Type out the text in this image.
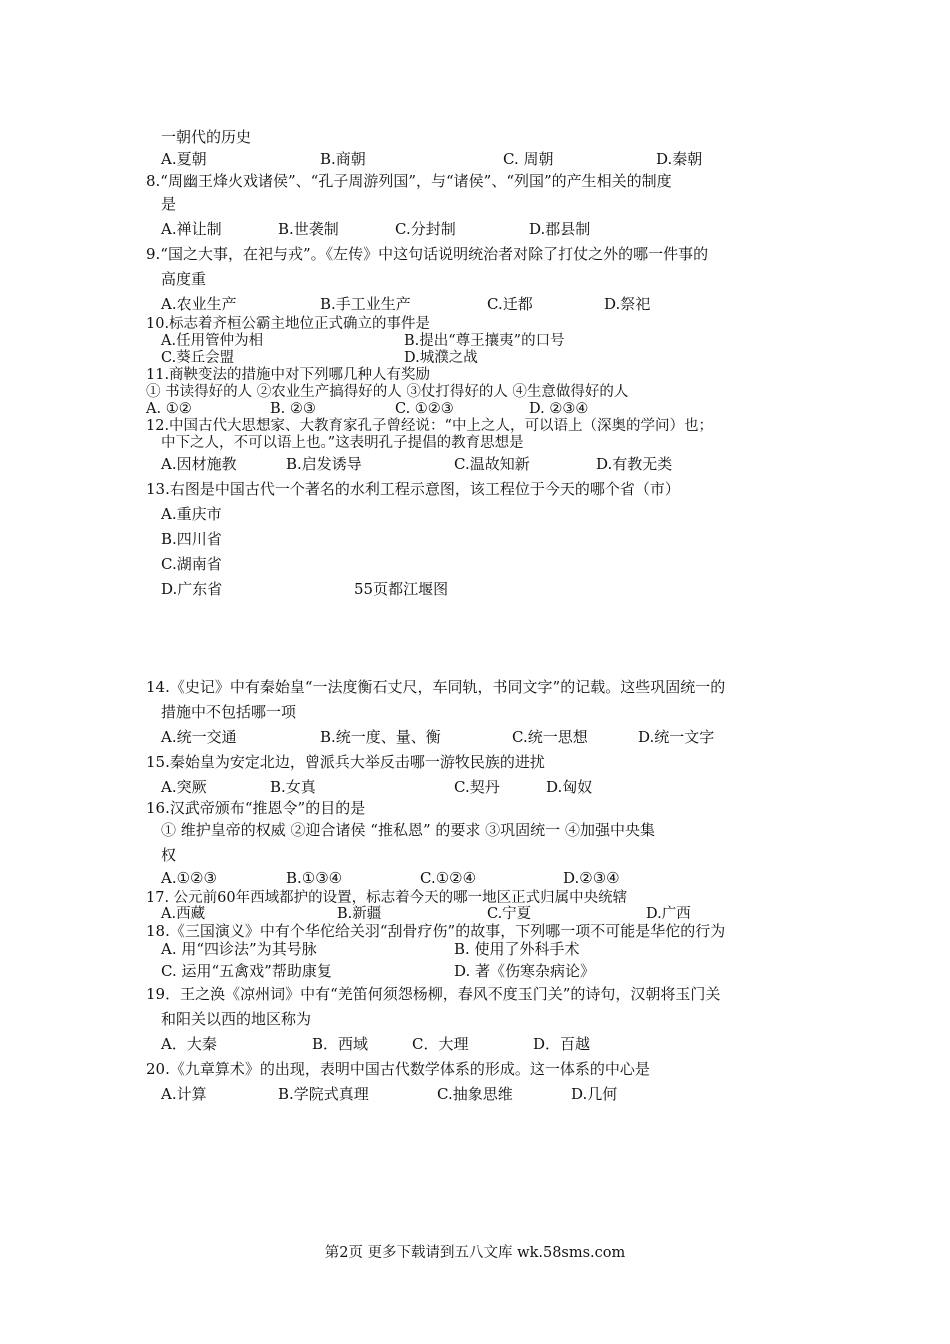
一朝代的历史
A.夏朝	B.商朝	C. 周朝	D.秦朝
8.“周幽王烽火戏诸侯”、“孔子周游列国”，与“诸侯”、“列国”的产生相关的制度
是
A.禅让制	B.世袭制	C.分封制	D.郡县制
9.“国之大事，在祀与戎”。《左传》中这句话说明统治者对除了打仗之外的哪一件事的
高度重
A.农业生产	B.手工业生产	C.迁都	D.祭祀
10.标志着齐桓公霸主地位正式确立的事件是
A.任用管仲为相	B.提出“尊王攘夷”的口号
C.葵丘会盟	D.城濮之战
11.商鞅变法的措施中对下列哪几种人有奖励
① 书读得好的人 ②农业生产搞得好的人 ③仗打得好的人 ④生意做得好的人
A. ①②	B. ②③	C. ①②③	D. ②③④
12.中国古代大思想家、大教育家孔子曾经说：“中上之人，可以语上（深奥的学问）也；
中下之人，不可以语上也。”这表明孔子提倡的教育思想是
A.因材施教	B.启发诱导	C.温故知新	D.有教无类
13.右图是中国古代一个著名的水利工程示意图，该工程位于今天的哪个省（市）
A.重庆市
B.四川省
C.湖南省
D.广东省	55页都江堰图
14.《史记》中有秦始皇“一法度衡石丈尺，车同轨，书同文字”的记载。这些巩固统一的
措施中不包括哪一项
A.统一交通	B.统一度、量、衡	C.统一思想	D.统一文字
15.秦始皇为安定北边，曾派兵大举反击哪一游牧民族的进扰
A.突厥	B.女真	C.契丹	D.匈奴
16.汉武帝颁布“推恩令”的目的是
① 维护皇帝的权威 ②迎合诸侯 “推私恩” 的要求 ③巩固统一 ④加强中央集
权
A.①②③	B.①③④	C.①②④	D.②③④
17. 公元前60年西域都护的设置，标志着今天的哪一地区正式归属中央统辖
A.西藏	B.新疆	C.宁夏	D.广西
18.《三国演义》中有个华佗给关羽“刮骨疗伤”的故事，下列哪一项不可能是华佗的行为
A. 用“四诊法”为其号脉	B. 使用了外科手术
C. 运用“五禽戏”帮助康复	D. 著《伤寒杂病论》
19．王之涣《凉州词》中有“羌笛何须怨杨柳，春风不度玉门关”的诗句，汉朝将玉门关
和阳关以西的地区称为
A．大秦	B．西域	C．大理	D．百越
20.《九章算术》的出现，表明中国古代数学体系的形成。这一体系的中心是
A.计算	B.学院式真理	C.抽象思维	D.几何
第2页 更多下载请到五八文库 wk.58sms.com
